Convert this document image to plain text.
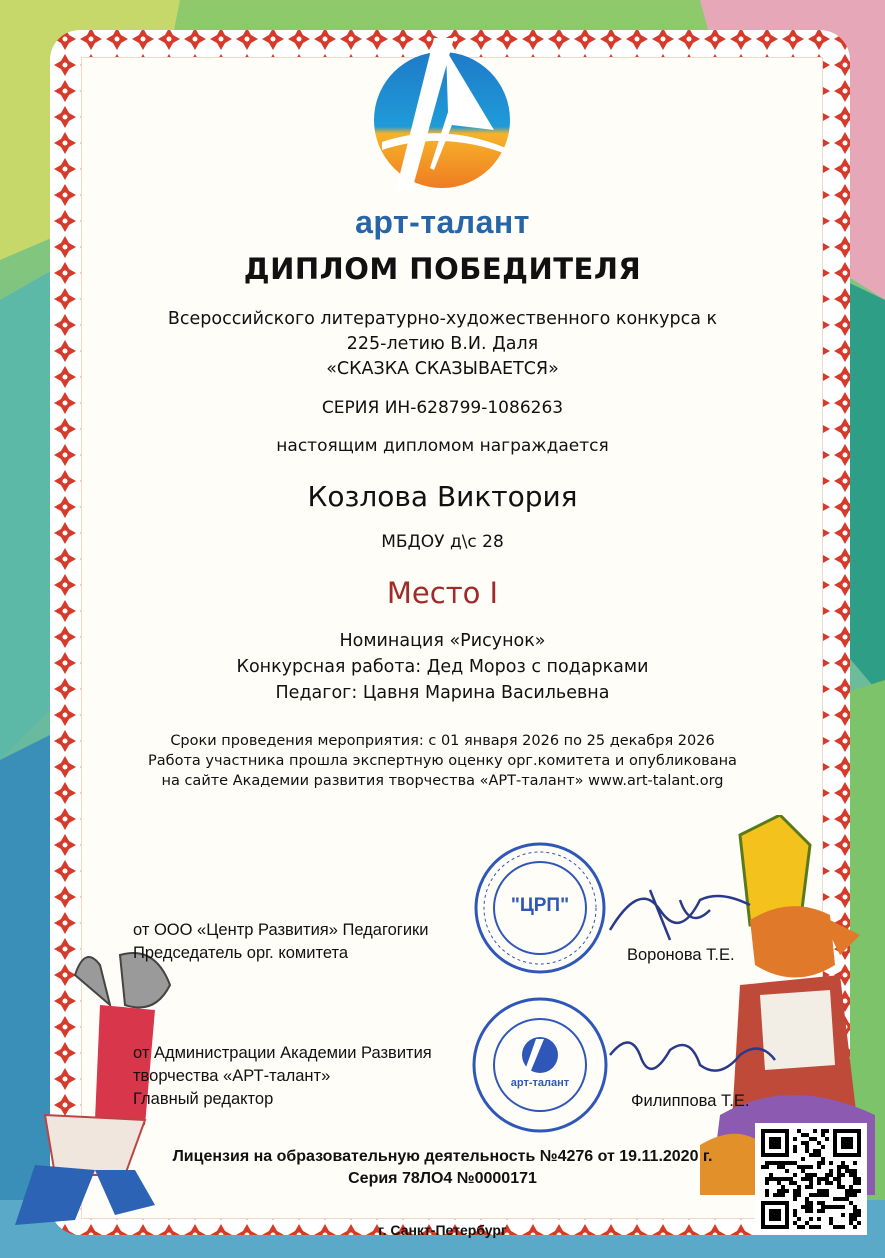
арт-талант
ДИПЛОМ ПОБЕДИТЕЛЯ
Всероссийского литературно-художественного конкурса к
225-летию В.И. Даля
«СКАЗКА СКАЗЫВАЕТСЯ»
СЕРИЯ ИН-628799-1086263
настоящим дипломом награждается
Козлова Виктория
МБДОУ д\с 28
Место I
Номинация «Рисунок»
Конкурсная работа: Дед Мороз с подарками
Педагог: Цавня Марина Васильевна
Сроки проведения мероприятия: с 01 января 2026 по 25 декабря 2026
Работа участника прошла экспертную оценку орг.комитета и опубликована
на сайте Академии развития творчества «АРТ-талант» www.art-talant.org
от ООО «Центр Развития» Педагогики
Председатель орг. комитета	Воронова Т.Е.
"ЦРП"
от Администрации Академии Развития
творчества «АРТ-талант»
Главный редактор	Филиппова Т.Е.
арт-талант
Лицензия на образовательную деятельность №4276 от 19.11.2020 г.
Серия 78ЛО4 №0000171
г. Санкт-Петербург
